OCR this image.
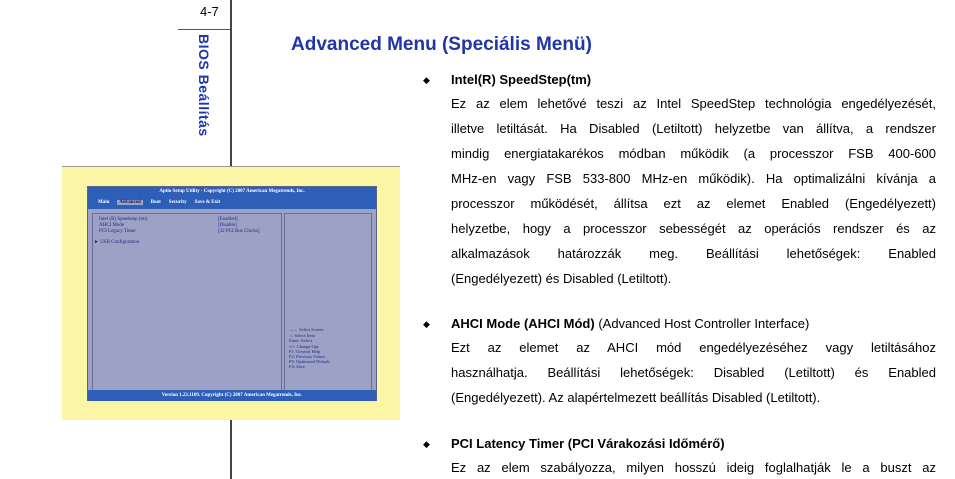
4-7
BIOS Beállítás	Advanced Menu (Speciális Menü)
Aptio Setup Utility - Copyright (C) 2007 American Megatrends, Inc.
Main	Advanced	Boot Security Save & Exit
Intel (R) Speedstep (tm)	[Enabled]
AHCI Mode	[Disable]
PCI Legacy Timer	[32 PCI Bus Clocks]
► USB Configuration
→← Select Screen
↑↓ Select Item
Enter: Select
+/-: Change Opt.
F1: General Help
F2: Previous Values
F9: Optimized Default
F4: Save
Version 1.23.1109. Copyright (C) 2007 American Megatrends, Inc.
◆ Intel(R) SpeedStep(tm)
Ez az elem lehetővé teszi az Intel SpeedStep technológia engedélyezését,
illetve letiltását. Ha Disabled (Letiltott) helyzetbe van állítva, a rendszer
mindig energiatakarékos módban működik (a processzor FSB 400-600
MHz-en vagy FSB 533-800 MHz-en működik). Ha optimalizálni kívánja a
processzor működését, állítsa ezt az elemet Enabled (Engedélyezett)
helyzetbe, hogy a processzor sebességét az operációs rendszer és az
alkalmazások határozzák meg. Beállítási lehetőségek: Enabled
(Engedélyezett) és Disabled (Letiltott).
◆ AHCI Mode (AHCI Mód) (Advanced Host Controller Interface)
Ezt az elemet az AHCI mód engedélyezéséhez vagy letiltásához
használhatja. Beállítási lehetőségek: Disabled (Letiltott) és Enabled
(Engedélyezett). Az alapértelmezett beállítás Disabled (Letiltott).
◆ PCI Latency Timer (PCI Várakozási Időmérő)
Ez az elem szabályozza, milyen hosszú ideig foglalhatják le a buszt az
